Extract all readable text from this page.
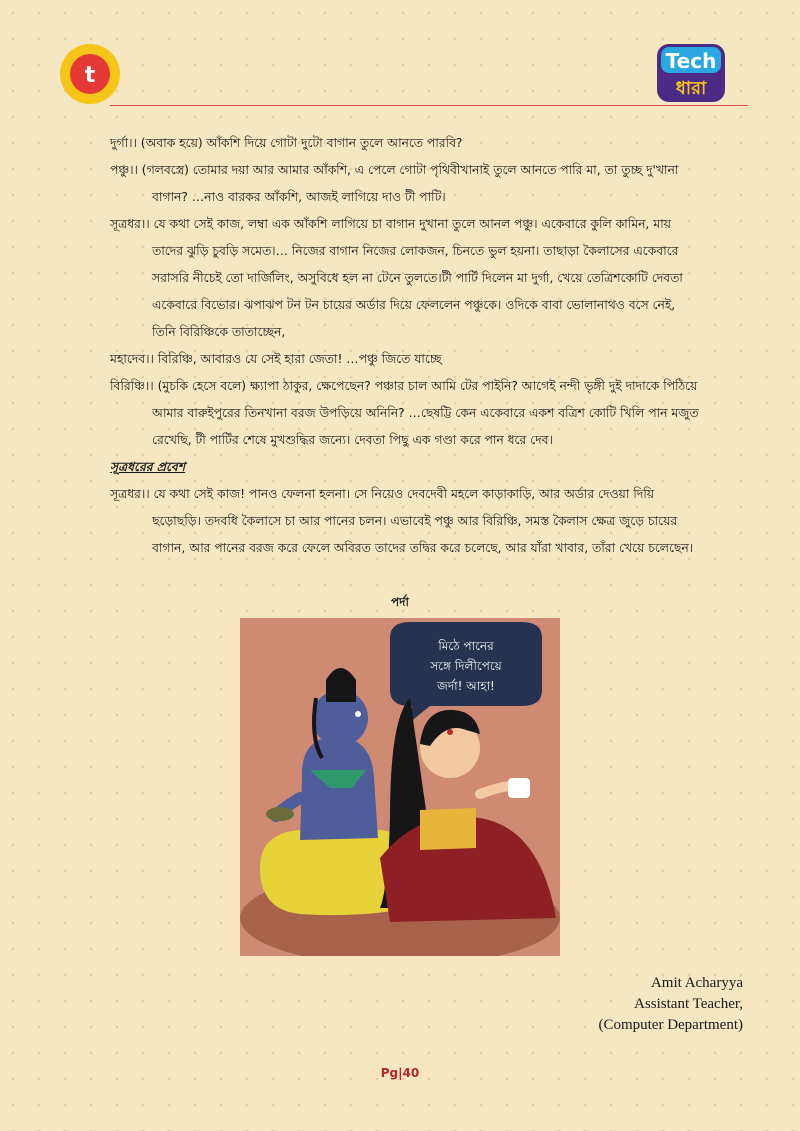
t
Tech
ধারা

দুর্গা।। (অবাক হয়ে) আঁকশি দিয়ে গোটা দুটো বাগান তুলে আনতে পারবি?

পঞ্চু।। (গলবস্ত্রে) তোমার দয়া আর আমার আঁকশি, এ পেলে গোটা পৃথিবীখানাই তুলে আনতে পারি মা, তা তুচ্ছ দু'খানা বাগান? …নাও বারকর আঁকশি, আজই লাগিয়ে দাও টী পাটি।

সূত্রধর।। যে কথা সেই কাজ, লম্বা এক আঁকশি লাগিয়ে চা বাগান দুখানা তুলে আনল পঞ্চু। একেবারে কুলি কামিন, মায় তাদের ঝুড়ি চুবড়ি সমেত।… নিজের বাগান নিজের লোকজন, চিনতে ভুল হয়না। তাছাড়া কৈলাসের একেবারে সরাসরি নীচেই তো দার্জিলিং, অসুবিধে হল না টেনে তুলতে।টী পার্টি দিলেন মা দুর্গা, খেয়ে তেত্রিশকোটি দেবতা একেবারে বিভোর। ঝপাঝপ টন টন চায়ের অর্ডার দিয়ে ফেললেন পঞ্চুকে। ওদিকে বাবা ভোলানাথও বসে নেই, তিনি বিরিঞ্চিকে তাতাচ্ছেন,

মহাদেব।। বিরিঞ্চি, আবারও যে সেই হারা জেতা! …পঞ্চু জিতে যাচ্ছে

বিরিঞ্চি।। (মুচকি হেসে বলে) ক্ষ্যাপা ঠাকুর, ক্ষেপেছেন? পঞ্চার চাল আমি টের পাইনি? আগেই নন্দী ভৃঙ্গী দুই দাদাকে পিঠিয়ে আমার বারুইপুরের তিনখানা বরজ উপড়িয়ে অনিনি? …ছেষট্টি কেন একেবারে একশ বত্রিশ কোটি খিলি পান মজুত রেখেছি, টী পার্টির শেষে মুখশুদ্ধির জন্যে। দেবতা পিছু এক গণ্ডা করে পান ধরে দেব।

সূত্রধরের প্রবেশ

সূত্রধর।। যে কথা সেই কাজ! পানও ফেলনা হলনা। সে নিয়েও দেবদেবী মহলে কাড়াকাড়ি, আর অর্ডার দেওয়া দিয়ি ছড়োছড়ি। তদবধি কৈলাসে চা আর পানের চলন। এভাবেই পঞ্চু আর বিরিঞ্চি, সমস্ত কৈলাস ক্ষেত্র জুড়ে চায়ের বাগান, আর পানের বরজ করে ফেলে অবিরত তাদের তদ্বির করে চলেছে, আর যাঁরা খাবার, তাঁরা খেয়ে চলেছেন।

পর্দা
মিঠে পানের
সঙ্গে দিলীপেয়ে
জর্দা! আহা!
Amit Acharyya
Assistant Teacher,
(Computer Department)
Pg|40
